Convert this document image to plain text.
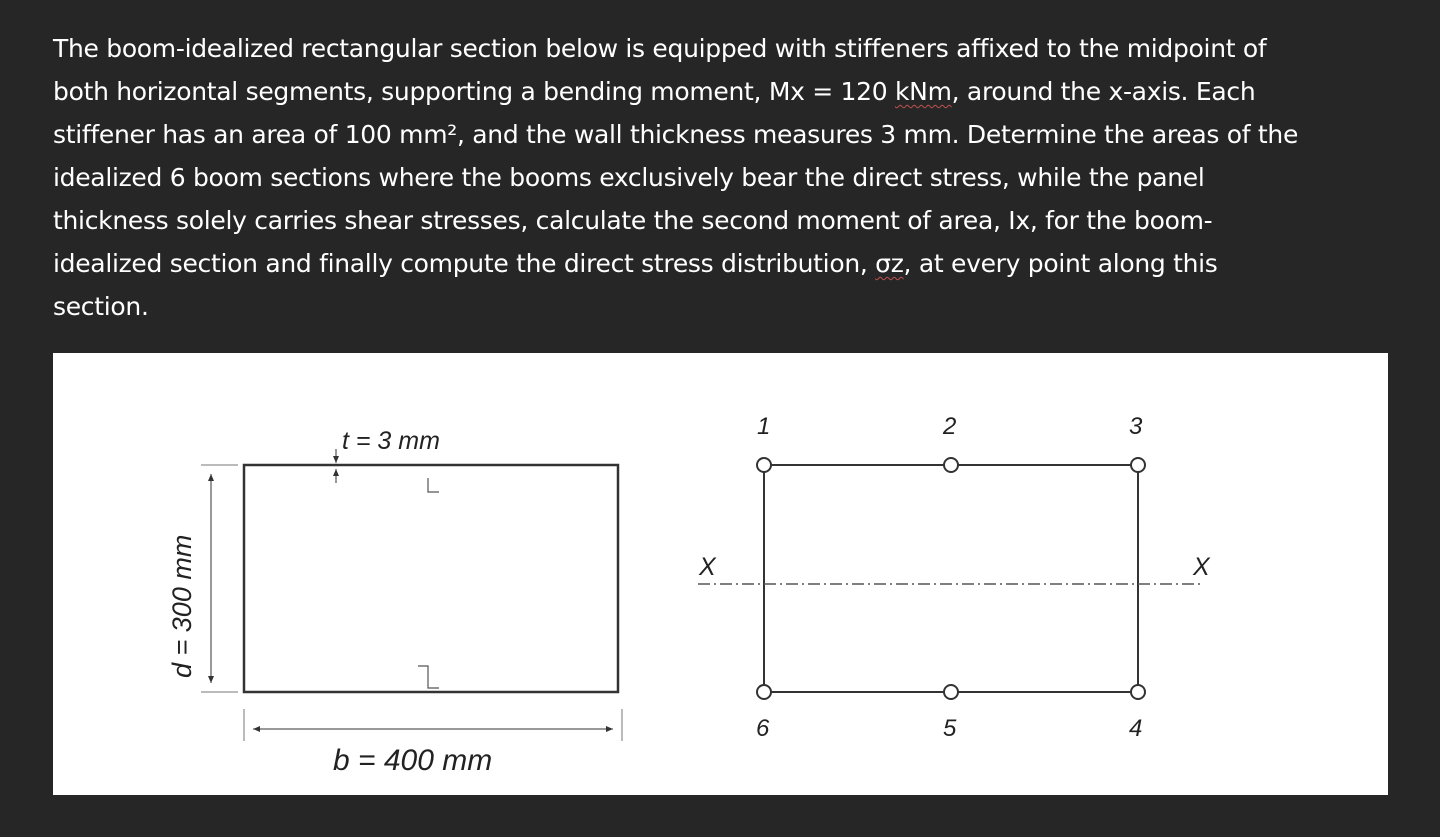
The boom-idealized rectangular section below is equipped with stiffeners affixed to the midpoint of
both horizontal segments, supporting a bending moment, Mx = 120 kNm, around the x-axis. Each
stiffener has an area of 100 mm², and the wall thickness measures 3 mm. Determine the areas of the
idealized 6 boom sections where the booms exclusively bear the direct stress, while the panel
thickness solely carries shear stresses, calculate the second moment of area, Ix, for the boom-
idealized section and finally compute the direct stress distribution, σz, at every point along this
section.
t = 3 mm
d = 300 mm
b = 400 mm
X	X
1	2	3
4
5
6
